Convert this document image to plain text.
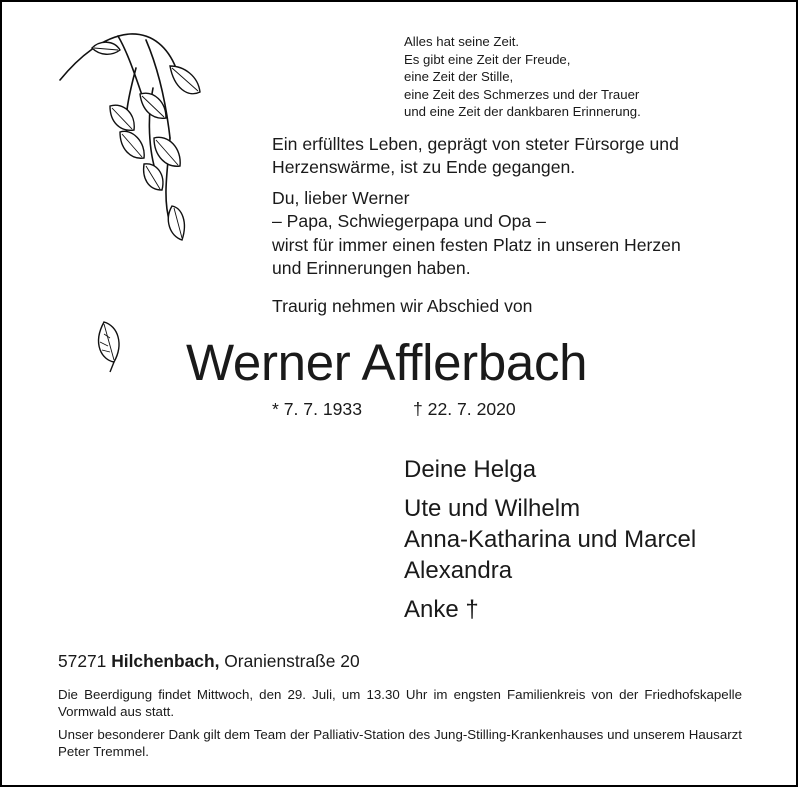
Alles hat seine Zeit.
Es gibt eine Zeit der Freude,
eine Zeit der Stille,
eine Zeit des Schmerzes und der Trauer
und eine Zeit der dankbaren Erinnerung.
Ein erfülltes Leben, geprägt von steter Fürsorge und
Herzenswärme, ist zu Ende gegangen.
Du, lieber Werner
– Papa, Schwiegerpapa und Opa –
wirst für immer einen festen Platz in unseren Herzen
und Erinnerungen haben.
Traurig nehmen wir Abschied von
Werner Afflerbach
* 7. 7. 1933	† 22. 7. 2020
Deine Helga
Ute und Wilhelm
Anna-Katharina und Marcel
Alexandra
Anke †
57271 Hilchenbach, Oranienstraße 20
Die Beerdigung findet Mittwoch, den 29. Juli, um 13.30 Uhr im engsten Familienkreis von der Friedhofskapelle Vormwald aus statt.
Unser besonderer Dank gilt dem Team der Palliativ-Station des Jung-Stilling-Krankenhauses und unserem Hausarzt Peter Tremmel.
